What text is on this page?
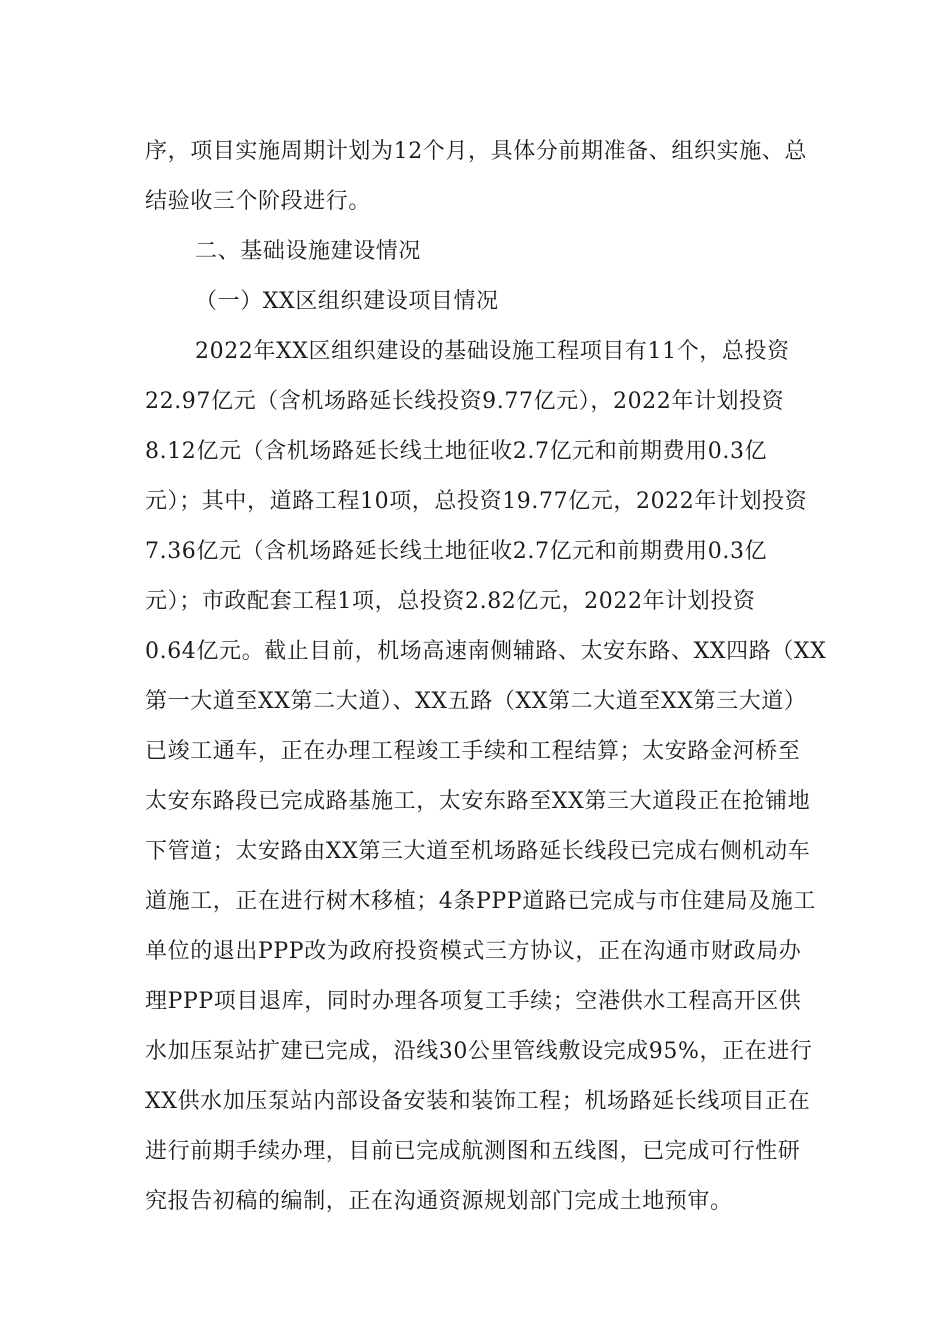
序，项目实施周期计划为12个月，具体分前期准备、组织实施、总
结验收三个阶段进行。
二、基础设施建设情况
（一）XX区组织建设项目情况
2022年XX区组织建设的基础设施工程项目有11个，总投资
22.97亿元（含机场路延长线投资9.77亿元），2022年计划投资
8.12亿元（含机场路延长线土地征收2.7亿元和前期费用0.3亿
元）；其中，道路工程10项，总投资19.77亿元，2022年计划投资
7.36亿元（含机场路延长线土地征收2.7亿元和前期费用0.3亿
元）；市政配套工程1项，总投资2.82亿元，2022年计划投资
0.64亿元。截止目前，机场高速南侧辅路、太安东路、XX四路（XX
第一大道至XX第二大道）、XX五路（XX第二大道至XX第三大道）
已竣工通车，正在办理工程竣工手续和工程结算；太安路金河桥至
太安东路段已完成路基施工，太安东路至XX第三大道段正在抢铺地
下管道；太安路由XX第三大道至机场路延长线段已完成右侧机动车
道施工，正在进行树木移植；4条PPP道路已完成与市住建局及施工
单位的退出PPP改为政府投资模式三方协议，正在沟通市财政局办
理PPP项目退库，同时办理各项复工手续；空港供水工程高开区供
水加压泵站扩建已完成，沿线30公里管线敷设完成95%，正在进行
XX供水加压泵站内部设备安装和装饰工程；机场路延长线项目正在
进行前期手续办理，目前已完成航测图和五线图，已完成可行性研
究报告初稿的编制，正在沟通资源规划部门完成土地预审。
